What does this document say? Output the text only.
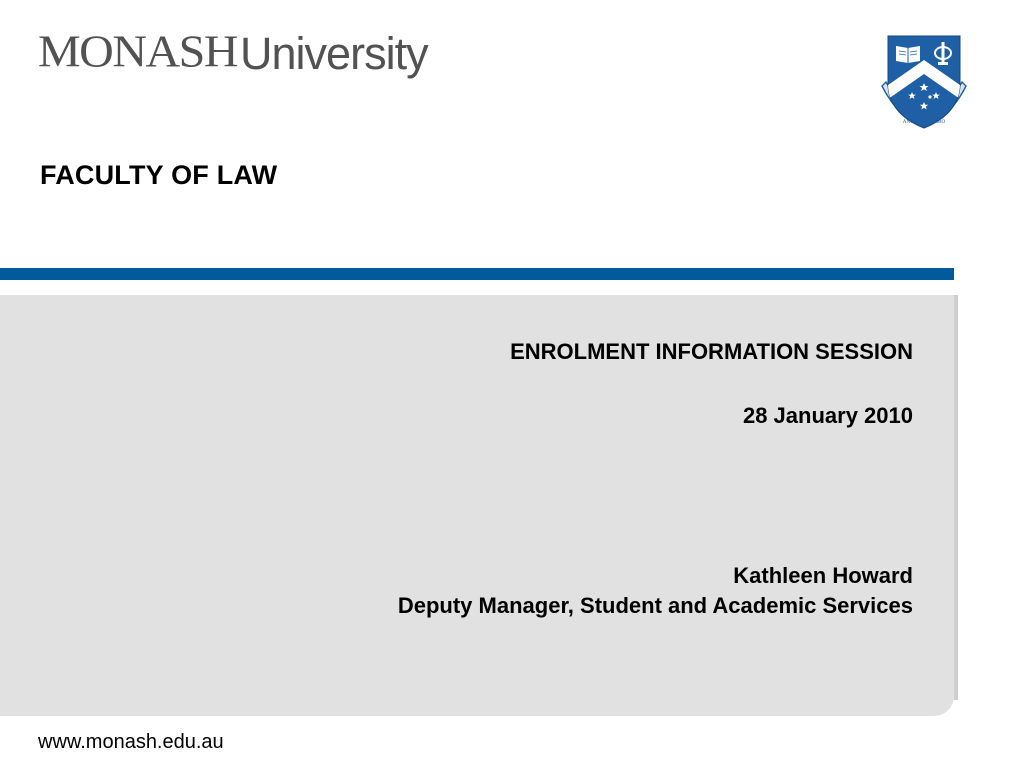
MONASHUniversity
ANCORA IMPARO
FACULTY OF LAW
ENROLMENT INFORMATION SESSION
28 January 2010
Kathleen Howard
Deputy Manager, Student and Academic Services
www.monash.edu.au
